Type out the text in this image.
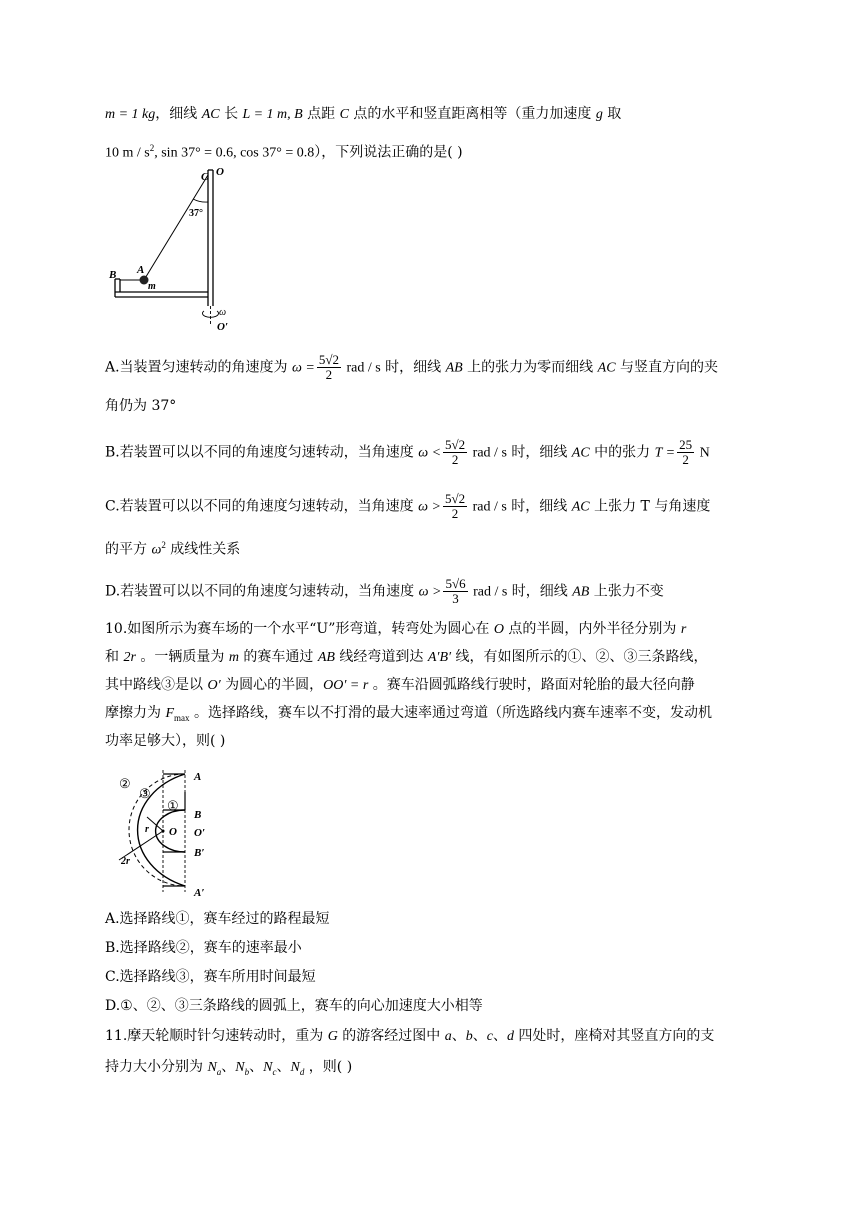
m = 1 kg，细线 AC 长 L = 1 m, B 点距 C 点的水平和竖直距离相等（重力加速度 g 取
10 m / $s^2$, sin 37° = 0.6, cos 37° = 0.8），下列说法正确的是( )
C O
37°
B A
m
ω
O′
A.当装置匀速转动的角速度为 $\omega = \frac{5√2}{2}$ rad / s 时，细线 AB 上的张力为零而细线 AC 与竖直方向的夹
角仍为 37°
B.若装置可以以不同的角速度匀速转动，当角速度 $\omega < \frac{5√2}{2}$ rad / s 时，细线 AC 中的张力 $T = \frac{25}{2}$ N
C.若装置可以以不同的角速度匀速转动，当角速度 $\omega > \frac{5√2}{2}$ rad / s 时，细线 AC 上张力 T 与角速度
的平方 $\omega^2$ 成线性关系
D.若装置可以以不同的角速度匀速转动，当角速度 $\omega > \frac{5√6}{3}$ rad / s 时，细线 AB 上张力不变
10.如图所示为赛车场的一个水平“U”形弯道，转弯处为圆心在 O 点的半圆，内外半径分别为 r
和 2r 。一辆质量为 m 的赛车通过 AB 线经弯道到达 A′B′ 线，有如图所示的①、②、③三条路线，
其中路线③是以 O′ 为圆心的半圆，OO′ = r 。赛车沿圆弧路线行驶时，路面对轮胎的最大径向静
摩擦力为 $F_{max}$ 。选择路线，赛车以不打滑的最大速率通过弯道（所选路线内赛车速率不变，发动机
功率足够大），则( )
②
③
①
A
B
r O O′
B′
2r
A′
A.选择路线①，赛车经过的路程最短
B.选择路线②，赛车的速率最小
C.选择路线③，赛车所用时间最短
D.①、②、③三条路线的圆弧上，赛车的向心加速度大小相等
11.摩天轮顺时针匀速转动时，重为 G 的游客经过图中 a、b、c、d 四处时，座椅对其竖直方向的支
持力大小分别为 $N_a$、$N_b$、$N_c$、$N_d$ ，则( )
